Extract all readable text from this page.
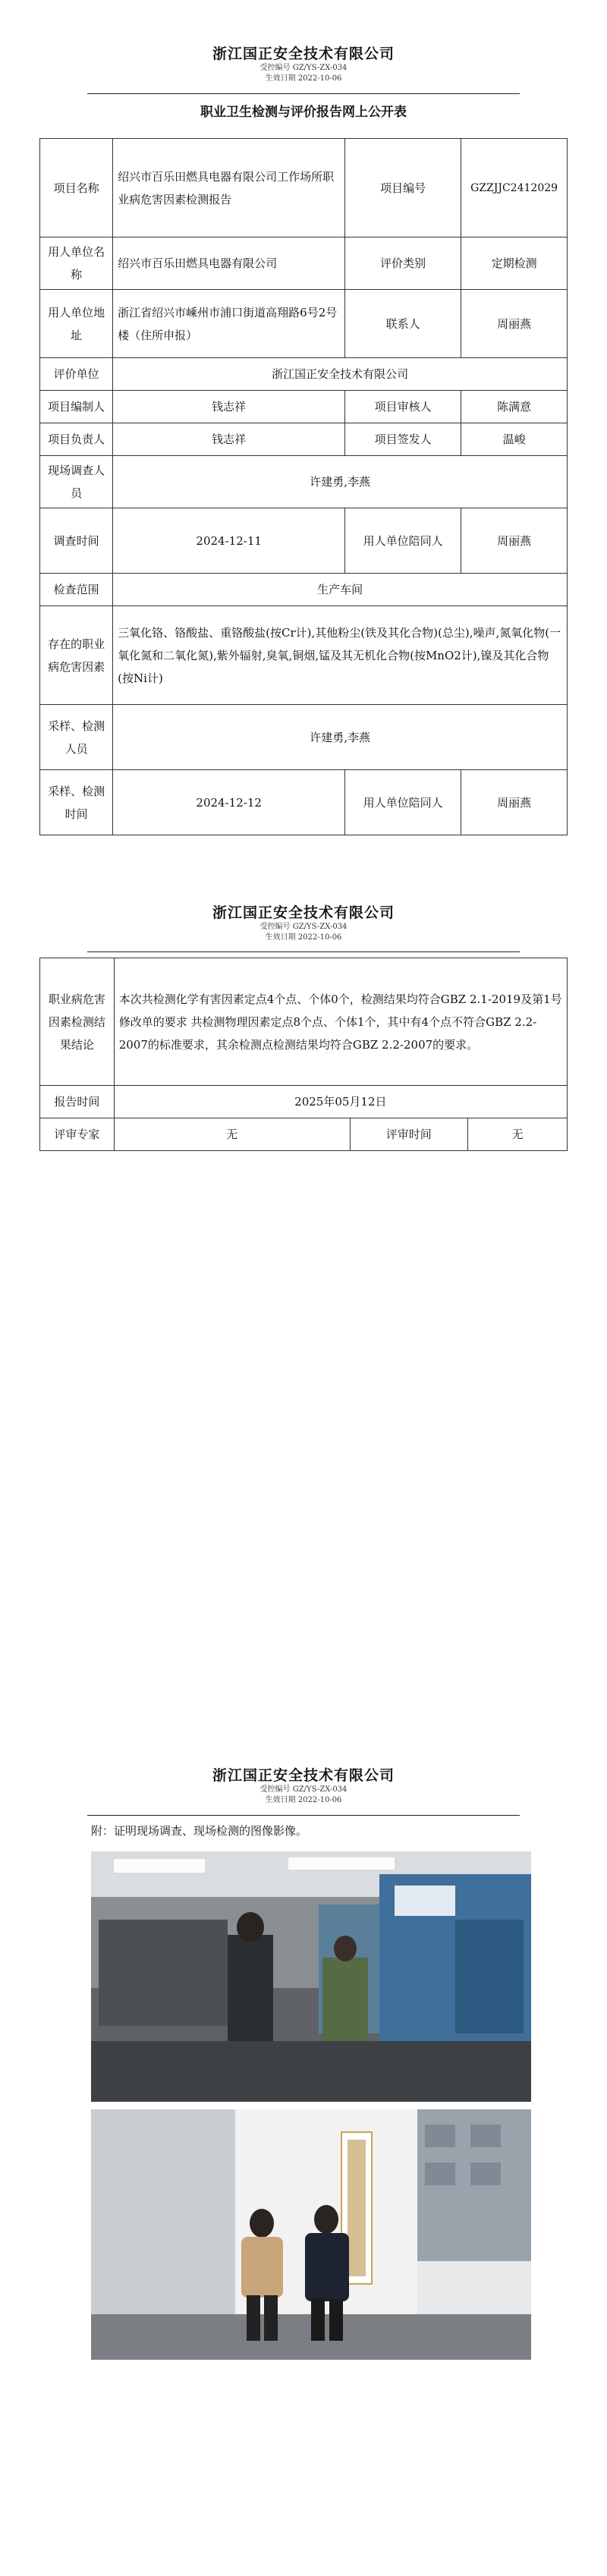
浙江国正安全技术有限公司
受控编号 GZ/YS-ZX-034
生效日期 2022-10-06
职业卫生检测与评价报告网上公开表
项目名称	绍兴市百乐田燃具电器有限公司工作场所职业病危害因素检测报告	项目编号	GZZJJC2412029
用人单位名称	绍兴市百乐田燃具电器有限公司	评价类别	定期检测
用人单位地址	浙江省绍兴市嵊州市浦口街道高翔路6号2号楼（住所申报）	联系人	周丽燕
评价单位	浙江国正安全技术有限公司		
项目编制人	钱志祥	项目审核人	陈满意
项目负责人	钱志祥	项目签发人	温峻
现场调查人员	许建勇,李燕		
调查时间	2024-12-11	用人单位陪同人	周丽燕
检查范围	生产车间		
存在的职业病危害因素	三氧化铬、铬酸盐、重铬酸盐(按Cr计),其他粉尘(铁及其化合物)(总尘),噪声,氮氧化物(一氧化氮和二氧化氮),紫外辐射,臭氧,铜烟,锰及其无机化合物(按MnO2计),镍及其化合物(按Ni计)		
采样、检测人员	许建勇,李燕		
采样、检测时间	2024-12-12	用人单位陪同人	周丽燕
浙江国正安全技术有限公司
受控编号 GZ/YS-ZX-034
生效日期 2022-10-06
职业病危害因素检测结果结论	本次共检测化学有害因素定点4个点、个体0个，检测结果均符合GBZ 2.1-2019及第1号修改单的要求 共检测物理因素定点8个点、个体1个，其中有4个点不符合GBZ 2.2-2007的标准要求，其余检测点检测结果均符合GBZ 2.2-2007的要求。		
报告时间	2025年05月12日		
评审专家	无	评审时间	无
浙江国正安全技术有限公司
受控编号 GZ/YS-ZX-034
生效日期 2022-10-06
附：证明现场调查、现场检测的图像影像。
